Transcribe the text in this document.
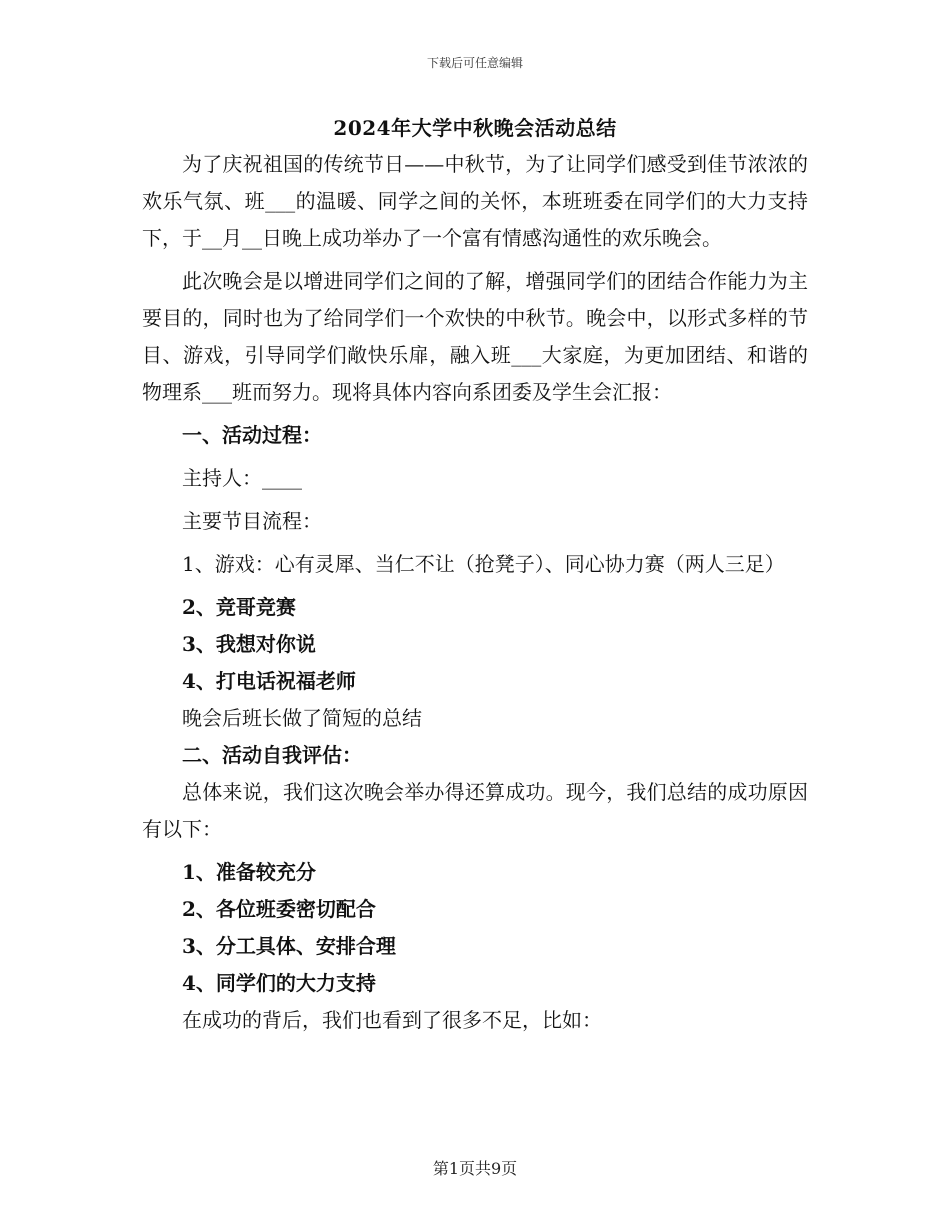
下载后可任意编辑
2024年大学中秋晚会活动总结

为了庆祝祖国的传统节日——中秋节，为了让同学们感受到佳节浓浓的欢乐气氛、班___的温暖、同学之间的关怀，本班班委在同学们的大力支持下，于__月__日晚上成功举办了一个富有情感沟通性的欢乐晚会。

此次晚会是以增进同学们之间的了解，增强同学们的团结合作能力为主要目的，同时也为了给同学们一个欢快的中秋节。晚会中，以形式多样的节目、游戏，引导同学们敞快乐扉，融入班___大家庭，为更加团结、和谐的物理系___班而努力。现将具体内容向系团委及学生会汇报：

一、活动过程：

主持人：____

主要节目流程：

1、游戏：心有灵犀、当仁不让（抢凳子）、同心协力赛（两人三足）

2、竞哥竞赛

3、我想对你说

4、打电话祝福老师

晚会后班长做了简短的总结

二、活动自我评估：

总体来说，我们这次晚会举办得还算成功。现今，我们总结的成功原因有以下：

1、准备较充分

2、各位班委密切配合

3、分工具体、安排合理

4、同学们的大力支持

在成功的背后，我们也看到了很多不足，比如：

第1页共9页
